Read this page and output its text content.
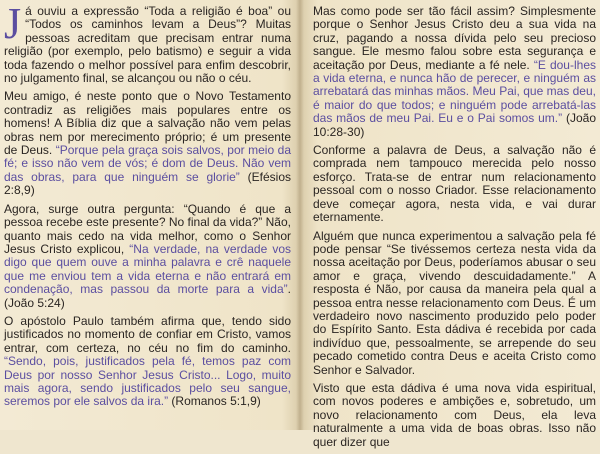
Já ouviu a expressão “Toda a religião é boa” ou “Todos os caminhos levam a Deus”? Muitas pessoas acreditam que precisam entrar numa religião (por exemplo, pelo batismo) e seguir a vida toda fazendo o melhor possível para enfim descobrir, no julgamento final, se alcançou ou não o céu.

Meu amigo, é neste ponto que o Novo Testamento contradiz as religiões mais populares entre os homens! A Bíblia diz que a salvação não vem pelas obras nem por merecimento próprio; é um presente de Deus. “Porque pela graça sois salvos, por meio da fé; e isso não vem de vós; é dom de Deus. Não vem das obras, para que ninguém se glorie” (Efésios 2:8,9)

Agora, surge outra pergunta: “Quando é que a pessoa recebe este presente? No final da vida?” Não, quanto mais cedo na vida melhor, como o Senhor Jesus Cristo explicou, “Na verdade, na verdade vos digo que quem ouve a minha palavra e crê naquele que me enviou tem a vida eterna e não entrará em condenação, mas passou da morte para a vida”. (João 5:24)

O apóstolo Paulo também afirma que, tendo sido justificados no momento de confiar em Cristo, vamos entrar, com certeza, no céu no fim do caminho. “Sendo, pois, justificados pela fé, temos paz com Deus por nosso Senhor Jesus Cristo... Logo, muito mais agora, sendo justificados pelo seu sangue, seremos por ele salvos da ira.” (Romanos 5:1,9)

Mas como pode ser tão fácil assim? Simplesmente porque o Senhor Jesus Cristo deu a sua vida na cruz, pagando a nossa dívida pelo seu precioso sangue. Ele mesmo falou sobre esta segurança e aceitação por Deus, mediante a fé nele. “E dou-lhes a vida eterna, e nunca hão de perecer, e ninguém as arrebatará das minhas mãos. Meu Pai, que mas deu, é maior do que todos; e ninguém pode arrebatá-las das mãos de meu Pai. Eu e o Pai somos um.” (João 10:28-30)

Conforme a palavra de Deus, a salvação não é comprada nem tampouco merecida pelo nosso esforço. Trata-se de entrar num relacionamento pessoal com o nosso Criador. Esse relacionamento deve começar agora, nesta vida, e vai durar eternamente.

Alguém que nunca experimentou a salvação pela fé pode pensar “Se tivéssemos certeza nesta vida da nossa aceitação por Deus, poderíamos abusar o seu amor e graça, vivendo descuidadamente.” A resposta é Não, por causa da maneira pela qual a pessoa entra nesse relacionamento com Deus. É um verdadeiro novo nascimento produzido pelo poder do Espírito Santo. Esta dádiva é recebida por cada indivíduo que, pessoalmente, se arrepende do seu pecado cometido contra Deus e aceita Cristo como Senhor e Salvador.

Visto que esta dádiva é uma nova vida espiritual, com novos poderes e ambições e, sobretudo, um novo relacionamento com Deus, ela leva naturalmente a uma vida de boas obras. Isso não quer dizer que
